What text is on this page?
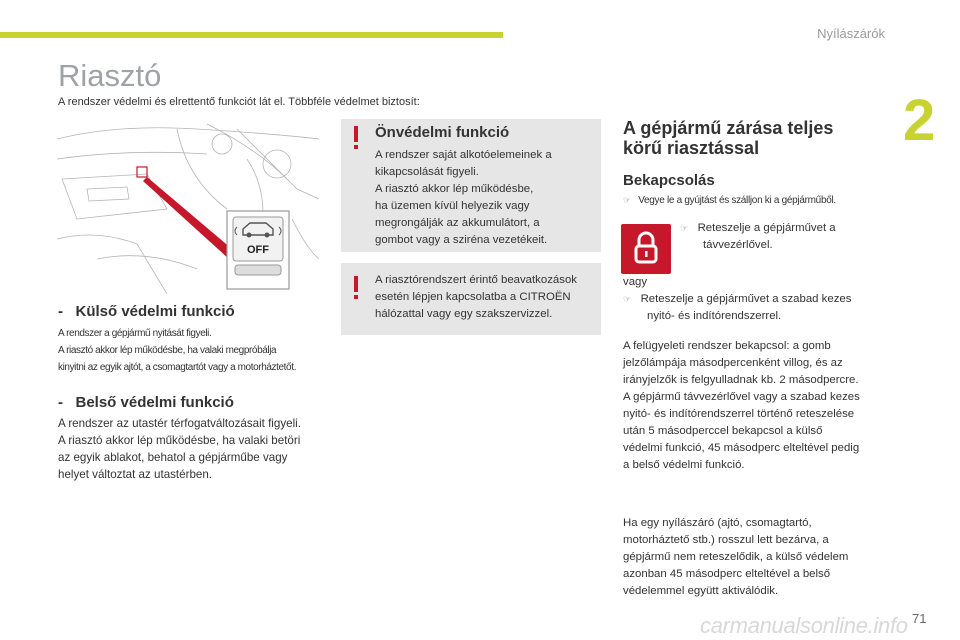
Nyílászárók
2
Riasztó
A rendszer védelmi és elrettentő funkciót lát el. Többféle védelmet biztosít:
OFF
-   Külső védelmi funkció
A rendszer a gépjármű nyitását figyeli.
A riasztó akkor lép működésbe, ha valaki megpróbálja
kinyitni az egyik ajtót, a csomagtartót vagy a motorháztetőt.
-   Belső védelmi funkció
A rendszer az utastér térfogatváltozásait figyeli.
A riasztó akkor lép működésbe, ha valaki betöri
az egyik ablakot, behatol a gépjárműbe vagy
helyet változtat az utastérben.
Önvédelmi funkció
A rendszer saját alkotóelemeinek a
kikapcsolását figyeli.
A riasztó akkor lép működésbe,
ha üzemen kívül helyezik vagy
megrongálják az akkumulátort, a
gombot vagy a sziréna vezetékeit.
A riasztórendszert érintő beavatkozások
esetén lépjen kapcsolatba a CITROËN
hálózattal vagy egy szakszervizzel.
A gépjármű zárása teljes
körű riasztással
Bekapcsolás
☞ Vegye le a gyújtást és szálljon ki a gépjárműből.
☞ Reteszelje a gépjárművet a
távvezérlővel.
vagy
☞ Reteszelje a gépjárművet a szabad kezes
nyitó- és indítórendszerrel.
A felügyeleti rendszer bekapcsol: a gomb
jelzőlámpája másodpercenként villog, és az
irányjelzők is felgyulladnak kb. 2 másodpercre.
A gépjármű távvezérlővel vagy a szabad kezes
nyitó- és indítórendszerrel történő reteszelése
után 5 másodperccel bekapcsol a külső
védelmi funkció, 45 másodperc elteltével pedig
a belső védelmi funkció.
Ha egy nyílászáró (ajtó, csomagtartó,
motorháztető stb.) rosszul lett bezárva, a
gépjármű nem reteszelődik, a külső védelem
azonban 45 másodperc elteltével a belső
védelemmel együtt aktiválódik.
carmanualsonline.info 71
